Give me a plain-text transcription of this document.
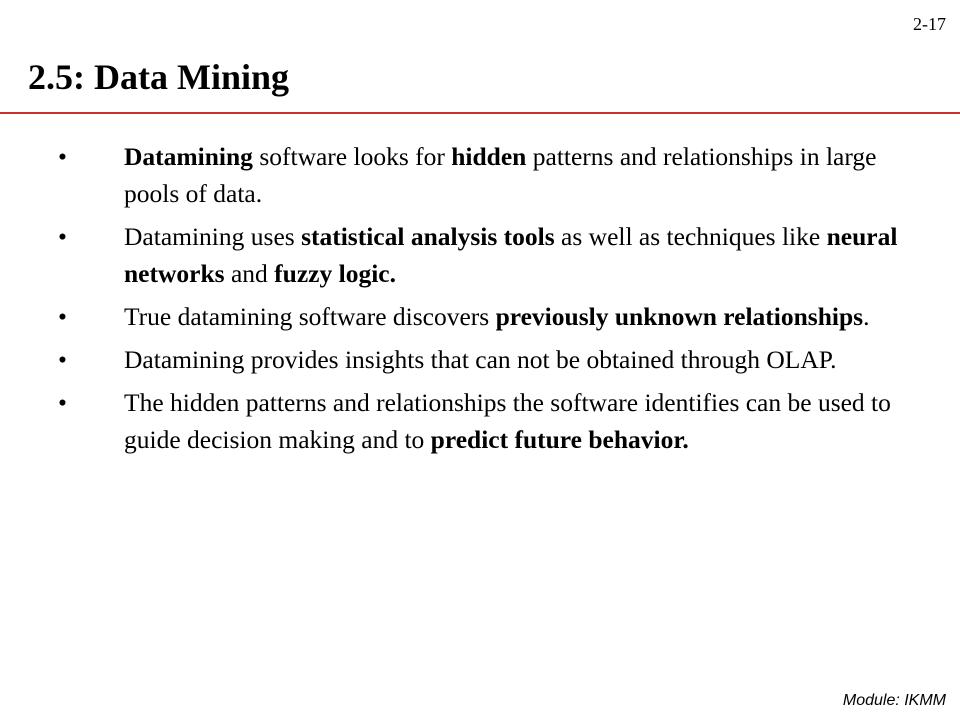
2-17
2.5: Data Mining
•	Datamining software looks for hidden patterns and relationships in large pools of data.
•	Datamining uses statistical analysis tools as well as techniques like neural networks and fuzzy logic.
•	True datamining software discovers previously unknown relationships.
•	Datamining provides insights that can not be obtained through OLAP.
•	The hidden patterns and relationships the software identifies can be used to guide decision making and to predict future behavior.
Module: IKMM
